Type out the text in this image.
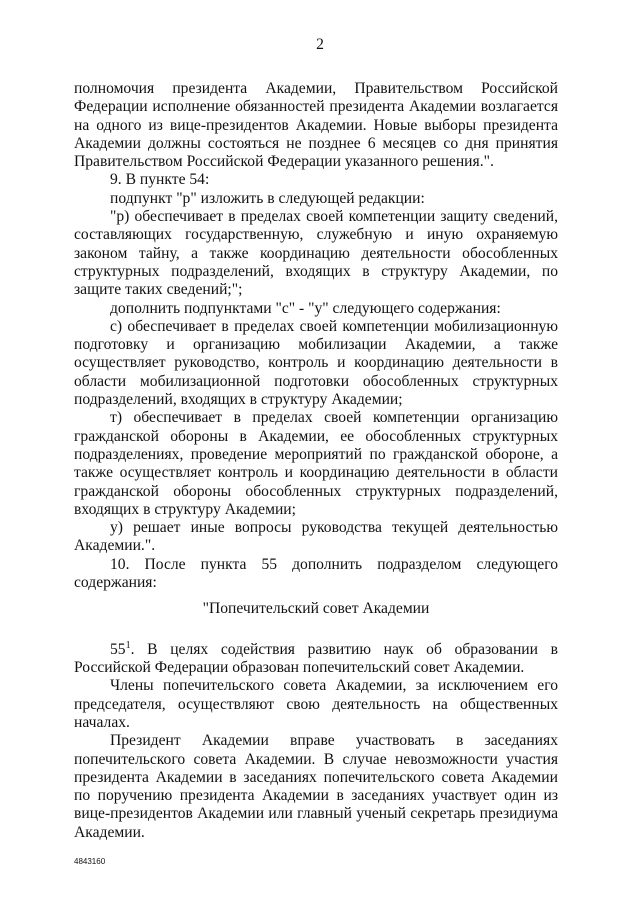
2

полномочия президента Академии, Правительством Российской Федерации исполнение обязанностей президента Академии возлагается на одного из вице-президентов Академии. Новые выборы президента Академии должны состояться не позднее 6 месяцев со дня принятия Правительством Российской Федерации указанного решения.".

9. В пункте 54:

подпункт "р" изложить в следующей редакции:

"р) обеспечивает в пределах своей компетенции защиту сведений, составляющих государственную, служебную и иную охраняемую законом тайну, а также координацию деятельности обособленных структурных подразделений, входящих в структуру Академии, по защите таких сведений;";

дополнить подпунктами "с" - "у" следующего содержания:

с) обеспечивает в пределах своей компетенции мобилизационную подготовку и организацию мобилизации Академии, а также осуществляет руководство, контроль и координацию деятельности в области мобилизационной подготовки обособленных структурных подразделений, входящих в структуру Академии;

т) обеспечивает в пределах своей компетенции организацию гражданской обороны в Академии, ее обособленных структурных подразделениях, проведение мероприятий по гражданской обороне, а также осуществляет контроль и координацию деятельности в области гражданской обороны обособленных структурных подразделений, входящих в структуру Академии;

у) решает иные вопросы руководства текущей деятельностью Академии.".

10. После пункта 55 дополнить подразделом следующего содержания:

"Попечительский совет Академии

$55^1$. В целях содействия развитию наук об образовании в Российской Федерации образован попечительский совет Академии.

Члены попечительского совета Академии, за исключением его председателя, осуществляют свою деятельность на общественных началах.

Президент Академии вправе участвовать в заседаниях попечительского совета Академии. В случае невозможности участия президента Академии в заседаниях попечительского совета Академии по поручению президента Академии в заседаниях участвует один из вице-президентов Академии или главный ученый секретарь президиума Академии.

4843160
